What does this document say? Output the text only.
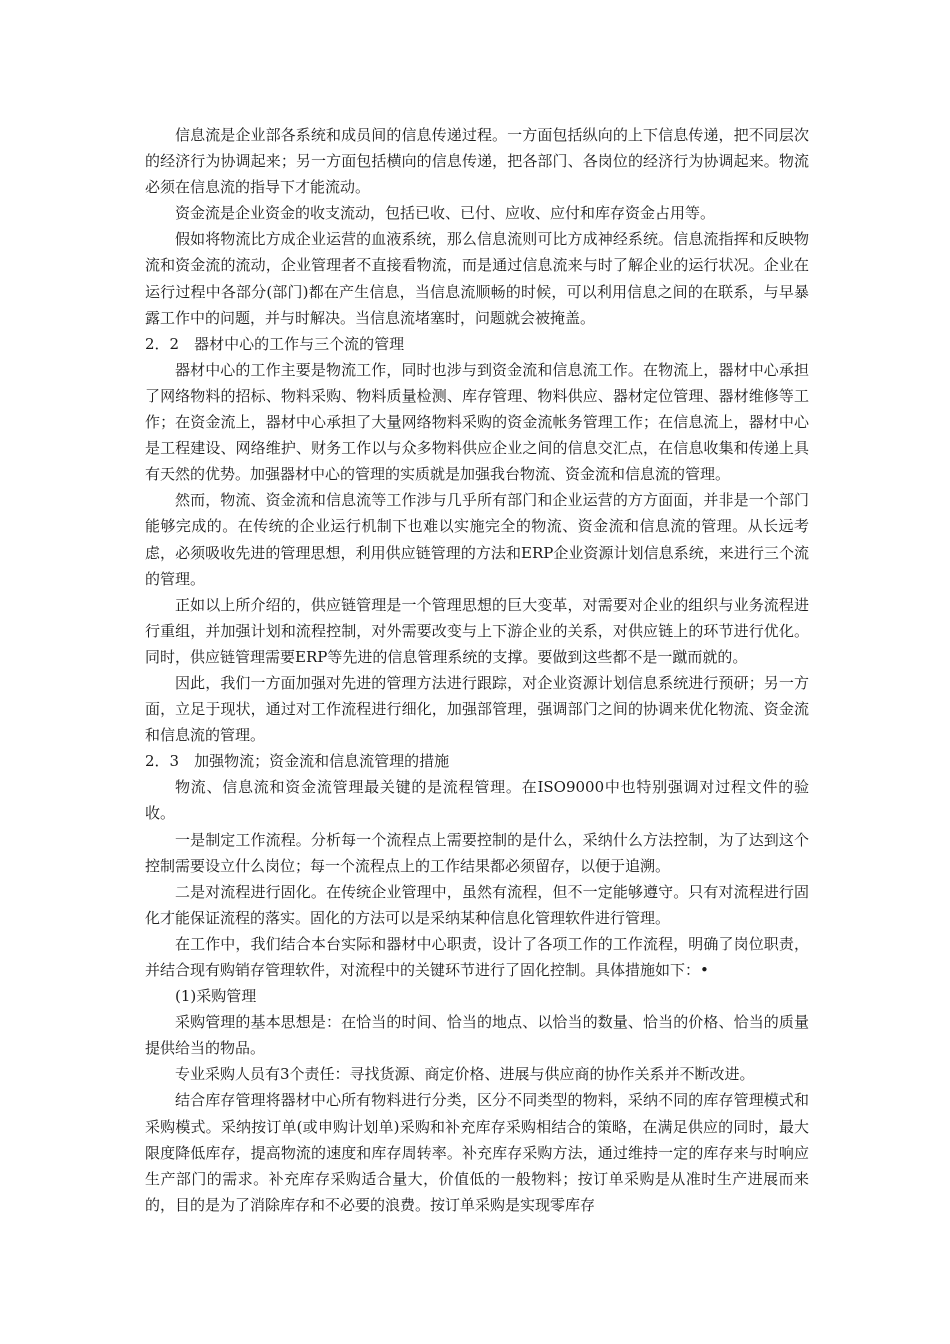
信息流是企业部各系统和成员间的信息传递过程。一方面包括纵向的上下信息传递，把不同层次的经济行为协调起来；另一方面包括横向的信息传递，把各部门、各岗位的经济行为协调起来。物流必须在信息流的指导下才能流动。

资金流是企业资金的收支流动，包括已收、已付、应收、应付和库存资金占用等。

假如将物流比方成企业运营的血液系统，那么信息流则可比方成神经系统。信息流指挥和反映物流和资金流的流动，企业管理者不直接看物流，而是通过信息流来与时了解企业的运行状况。企业在运行过程中各部分(部门)都在产生信息，当信息流顺畅的时候，可以利用信息之间的在联系，与早暴露工作中的问题，并与时解决。当信息流堵塞时，问题就会被掩盖。

2．2　器材中心的工作与三个流的管理

器材中心的工作主要是物流工作，同时也涉与到资金流和信息流工作。在物流上，器材中心承担了网络物料的招标、物料采购、物料质量检测、库存管理、物料供应、器材定位管理、器材维修等工作；在资金流上，器材中心承担了大量网络物料采购的资金流帐务管理工作；在信息流上，器材中心是工程建设、网络维护、财务工作以与众多物料供应企业之间的信息交汇点，在信息收集和传递上具有天然的优势。加强器材中心的管理的实质就是加强我台物流、资金流和信息流的管理。

然而，物流、资金流和信息流等工作涉与几乎所有部门和企业运营的方方面面，并非是一个部门能够完成的。在传统的企业运行机制下也难以实施完全的物流、资金流和信息流的管理。从长远考虑，必须吸收先进的管理思想，利用供应链管理的方法和ERP企业资源计划信息系统，来进行三个流的管理。

正如以上所介绍的，供应链管理是一个管理思想的巨大变革，对需要对企业的组织与业务流程进行重组，并加强计划和流程控制，对外需要改变与上下游企业的关系，对供应链上的环节进行优化。同时，供应链管理需要ERP等先进的信息管理系统的支撑。要做到这些都不是一蹴而就的。

因此，我们一方面加强对先进的管理方法进行跟踪，对企业资源计划信息系统进行预研；另一方面，立足于现状，通过对工作流程进行细化，加强部管理，强调部门之间的协调来优化物流、资金流和信息流的管理。

2．3　加强物流；资金流和信息流管理的措施

物流、信息流和资金流管理最关键的是流程管理。在ISO9000中也特别强调对过程文件的验收。

一是制定工作流程。分析每一个流程点上需要控制的是什么，采纳什么方法控制，为了达到这个控制需要设立什么岗位；每一个流程点上的工作结果都必须留存，以便于追溯。

二是对流程进行固化。在传统企业管理中，虽然有流程，但不一定能够遵守。只有对流程进行固化才能保证流程的落实。固化的方法可以是采纳某种信息化管理软件进行管理。

在工作中，我们结合本台实际和器材中心职责，设计了各项工作的工作流程，明确了岗位职责，并结合现有购销存管理软件，对流程中的关键环节进行了固化控制。具体措施如下：•

(1)采购管理

采购管理的基本思想是：在恰当的时间、恰当的地点、以恰当的数量、恰当的价格、恰当的质量提供给当的物品。

专业采购人员有3个责任：寻找货源、商定价格、进展与供应商的协作关系并不断改进。

结合库存管理将器材中心所有物料进行分类，区分不同类型的物料，采纳不同的库存管理模式和采购模式。采纳按订单(或申购计划单)采购和补充库存采购相结合的策略，在满足供应的同时，最大限度降低库存，提高物流的速度和库存周转率。补充库存采购方法，通过维持一定的库存来与时响应生产部门的需求。补充库存采购适合量大，价值低的一般物料；按订单采购是从准时生产进展而来的，目的是为了消除库存和不必要的浪费。按订单采购是实现零库存
